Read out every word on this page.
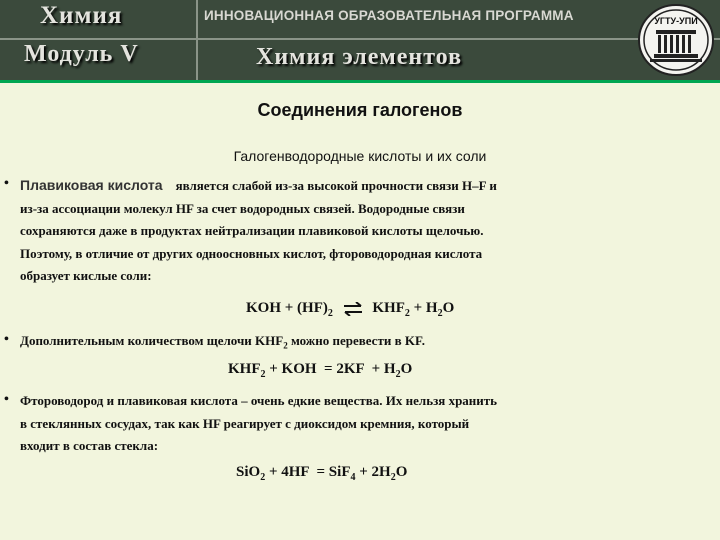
Химия
Модуль V
ИННОВАЦИОННАЯ ОБРАЗОВАТЕЛЬНАЯ ПРОГРАММА
Химия элементов
УГТУ-УПИ
Соединения галогенов
Галогенводородные кислоты и их соли
• Плавиковая кислота является слабой из-за высокой прочности связи H–F и
из-за ассоциации молекул HF за счет водородных связей. Водородные связи
сохраняются даже в продуктах нейтрализации плавиковой кислоты щелочью.
Поэтому, в отличие от других одноосновных кислот, фтороводородная кислота
образует кислые соли:
KOH + $(HF)_2$ ⇌ $KHF_2 + H_2O$
• Дополнительным количеством щелочи $KHF_2$ можно перевести в KF.
$KHF_2$ + KOH  = $2KF + H_2O$
• Фтороводород и плавиковая кислота – очень едкие вещества. Их нельзя хранить
в стеклянных сосудах, так как HF реагирует с диоксидом кремния, который
входит в состав стекла:
$SiO_2 + 4HF = SiF_4 + 2H_2O$
